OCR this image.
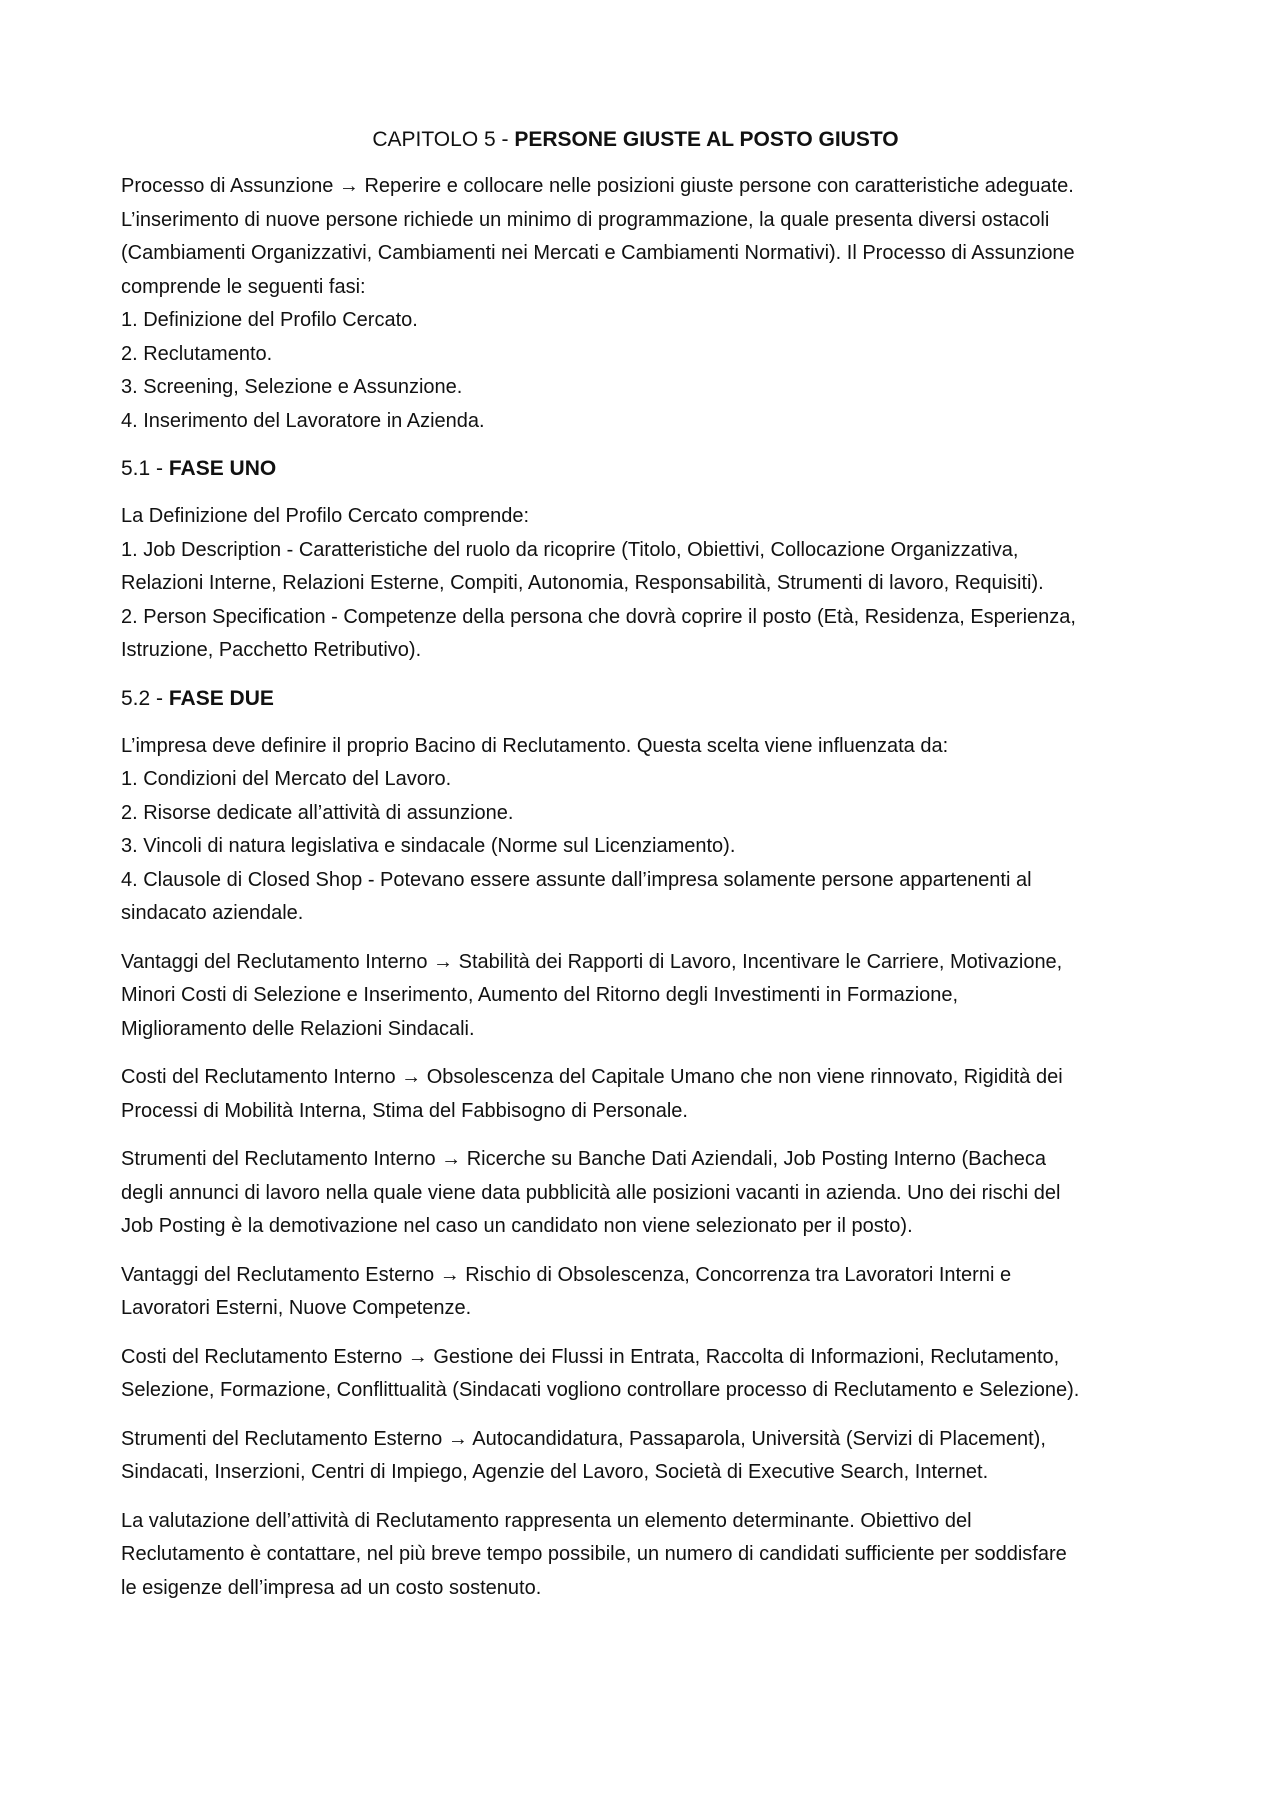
CAPITOLO 5 - PERSONE GIUSTE AL POSTO GIUSTO
Processo di Assunzione → Reperire e collocare nelle posizioni giuste persone con caratteristiche adeguate.
L’inserimento di nuove persone richiede un minimo di programmazione, la quale presenta diversi ostacoli
(Cambiamenti Organizzativi, Cambiamenti nei Mercati e Cambiamenti Normativi). Il Processo di Assunzione
comprende le seguenti fasi:
1. Definizione del Profilo Cercato.
2. Reclutamento.
3. Screening, Selezione e Assunzione.
4. Inserimento del Lavoratore in Azienda.
5.1 - FASE UNO
La Definizione del Profilo Cercato comprende:
1. Job Description - Caratteristiche del ruolo da ricoprire (Titolo, Obiettivi, Collocazione Organizzativa,
Relazioni Interne, Relazioni Esterne, Compiti, Autonomia, Responsabilità, Strumenti di lavoro, Requisiti).
2. Person Specification - Competenze della persona che dovrà coprire il posto (Età, Residenza, Esperienza,
Istruzione, Pacchetto Retributivo).
5.2 - FASE DUE
L’impresa deve definire il proprio Bacino di Reclutamento. Questa scelta viene influenzata da:
1. Condizioni del Mercato del Lavoro.
2. Risorse dedicate all’attività di assunzione.
3. Vincoli di natura legislativa e sindacale (Norme sul Licenziamento).
4. Clausole di Closed Shop - Potevano essere assunte dall’impresa solamente persone appartenenti al
sindacato aziendale.
Vantaggi del Reclutamento Interno → Stabilità dei Rapporti di Lavoro, Incentivare le Carriere, Motivazione,
Minori Costi di Selezione e Inserimento, Aumento del Ritorno degli Investimenti in Formazione,
Miglioramento delle Relazioni Sindacali.
Costi del Reclutamento Interno → Obsolescenza del Capitale Umano che non viene rinnovato, Rigidità dei
Processi di Mobilità Interna, Stima del Fabbisogno di Personale.
Strumenti del Reclutamento Interno → Ricerche su Banche Dati Aziendali, Job Posting Interno (Bacheca
degli annunci di lavoro nella quale viene data pubblicità alle posizioni vacanti in azienda. Uno dei rischi del
Job Posting è la demotivazione nel caso un candidato non viene selezionato per il posto).
Vantaggi del Reclutamento Esterno → Rischio di Obsolescenza, Concorrenza tra Lavoratori Interni e
Lavoratori Esterni, Nuove Competenze.
Costi del Reclutamento Esterno → Gestione dei Flussi in Entrata, Raccolta di Informazioni, Reclutamento,
Selezione, Formazione, Conflittualità (Sindacati vogliono controllare processo di Reclutamento e Selezione).
Strumenti del Reclutamento Esterno → Autocandidatura, Passaparola, Università (Servizi di Placement),
Sindacati, Inserzioni, Centri di Impiego, Agenzie del Lavoro, Società di Executive Search, Internet.
La valutazione dell’attività di Reclutamento rappresenta un elemento determinante. Obiettivo del
Reclutamento è contattare, nel più breve tempo possibile, un numero di candidati sufficiente per soddisfare
le esigenze dell’impresa ad un costo sostenuto.
